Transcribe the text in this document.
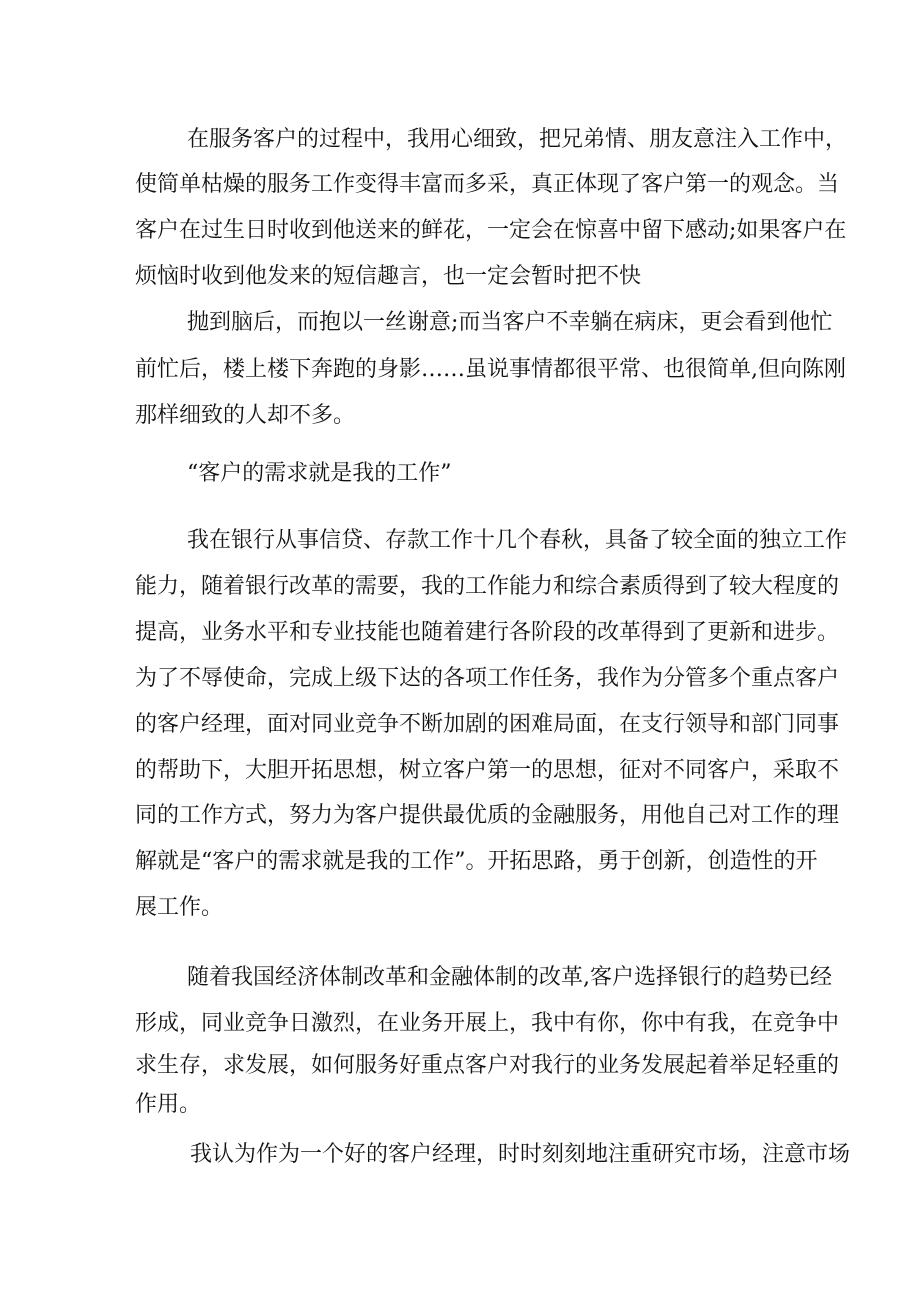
在服务客户的过程中，我用心细致，把兄弟情、朋友意注入工作中，
使简单枯燥的服务工作变得丰富而多采，真正体现了客户第一的观念。当
客户在过生日时收到他送来的鲜花，一定会在惊喜中留下感动;如果客户在
烦恼时收到他发来的短信趣言，也一定会暂时把不快
抛到脑后，而抱以一丝谢意;而当客户不幸躺在病床，更会看到他忙
前忙后，楼上楼下奔跑的身影……虽说事情都很平常、也很简单,但向陈刚
那样细致的人却不多。
“客户的需求就是我的工作”
我在银行从事信贷、存款工作十几个春秋，具备了较全面的独立工作
能力，随着银行改革的需要，我的工作能力和综合素质得到了较大程度的
提高，业务水平和专业技能也随着建行各阶段的改革得到了更新和进步。
为了不辱使命，完成上级下达的各项工作任务，我作为分管多个重点客户
的客户经理，面对同业竞争不断加剧的困难局面，在支行领导和部门同事
的帮助下，大胆开拓思想，树立客户第一的思想，征对不同客户，采取不
同的工作方式，努力为客户提供最优质的金融服务，用他自己对工作的理
解就是“客户的需求就是我的工作”。开拓思路，勇于创新，创造性的开
展工作。
随着我国经济体制改革和金融体制的改革,客户选择银行的趋势已经
形成，同业竞争日激烈，在业务开展上，我中有你，你中有我，在竞争中
求生存，求发展，如何服务好重点客户对我行的业务发展起着举足轻重的
作用。
我认为作为一个好的客户经理，时时刻刻地注重研究市场，注意市场
